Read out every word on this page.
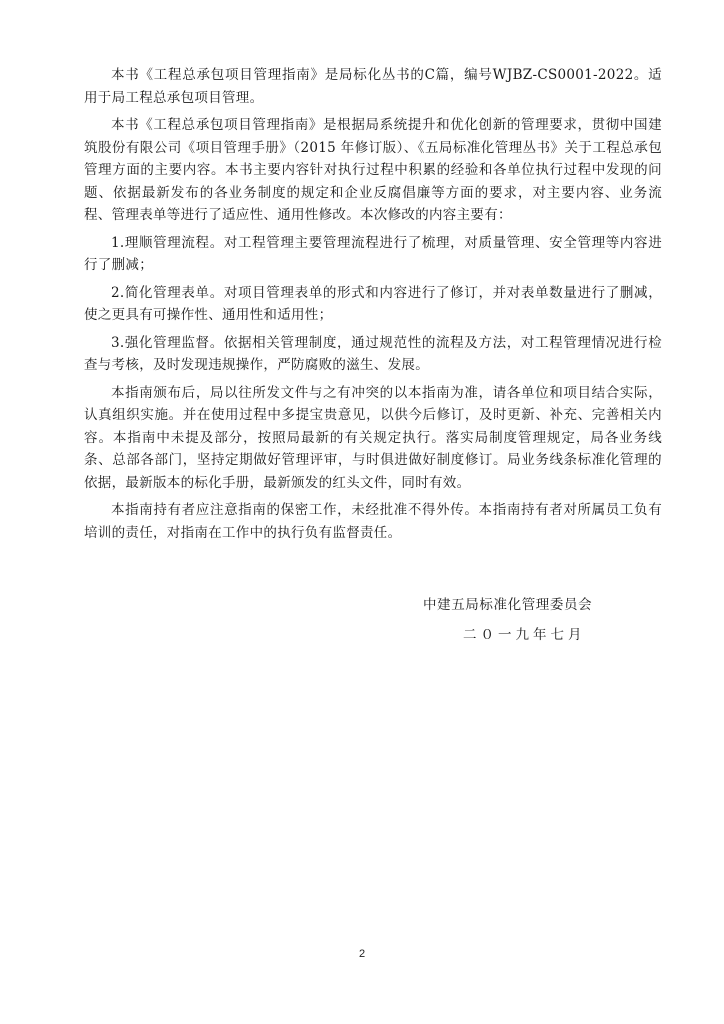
本书《工程总承包项目管理指南》是局标化丛书的C篇，编号WJBZ-CS0001-2022。适用于局工程总承包项目管理。

本书《工程总承包项目管理指南》是根据局系统提升和优化创新的管理要求，贯彻中国建筑股份有限公司《项目管理手册》（2015 年修订版）、《五局标准化管理丛书》关于工程总承包管理方面的主要内容。本书主要内容针对执行过程中积累的经验和各单位执行过程中发现的问题、依据最新发布的各业务制度的规定和企业反腐倡廉等方面的要求，对主要内容、业务流程、管理表单等进行了适应性、通用性修改。本次修改的内容主要有：

1.理顺管理流程。对工程管理主要管理流程进行了梳理，对质量管理、安全管理等内容进行了删减；

2.简化管理表单。对项目管理表单的形式和内容进行了修订，并对表单数量进行了删减，使之更具有可操作性、通用性和适用性；

3.强化管理监督。依据相关管理制度，通过规范性的流程及方法，对工程管理情况进行检查与考核，及时发现违规操作，严防腐败的滋生、发展。

本指南颁布后，局以往所发文件与之有冲突的以本指南为准，请各单位和项目结合实际，认真组织实施。并在使用过程中多提宝贵意见，以供今后修订，及时更新、补充、完善相关内容。本指南中未提及部分，按照局最新的有关规定执行。落实局制度管理规定，局各业务线条、总部各部门，坚持定期做好管理评审，与时俱进做好制度修订。局业务线条标准化管理的依据，最新版本的标化手册，最新颁发的红头文件，同时有效。

本指南持有者应注意指南的保密工作，未经批准不得外传。本指南持有者对所属员工负有培训的责任，对指南在工作中的执行负有监督责任。

中建五局标准化管理委员会
二０一九年七月
2
